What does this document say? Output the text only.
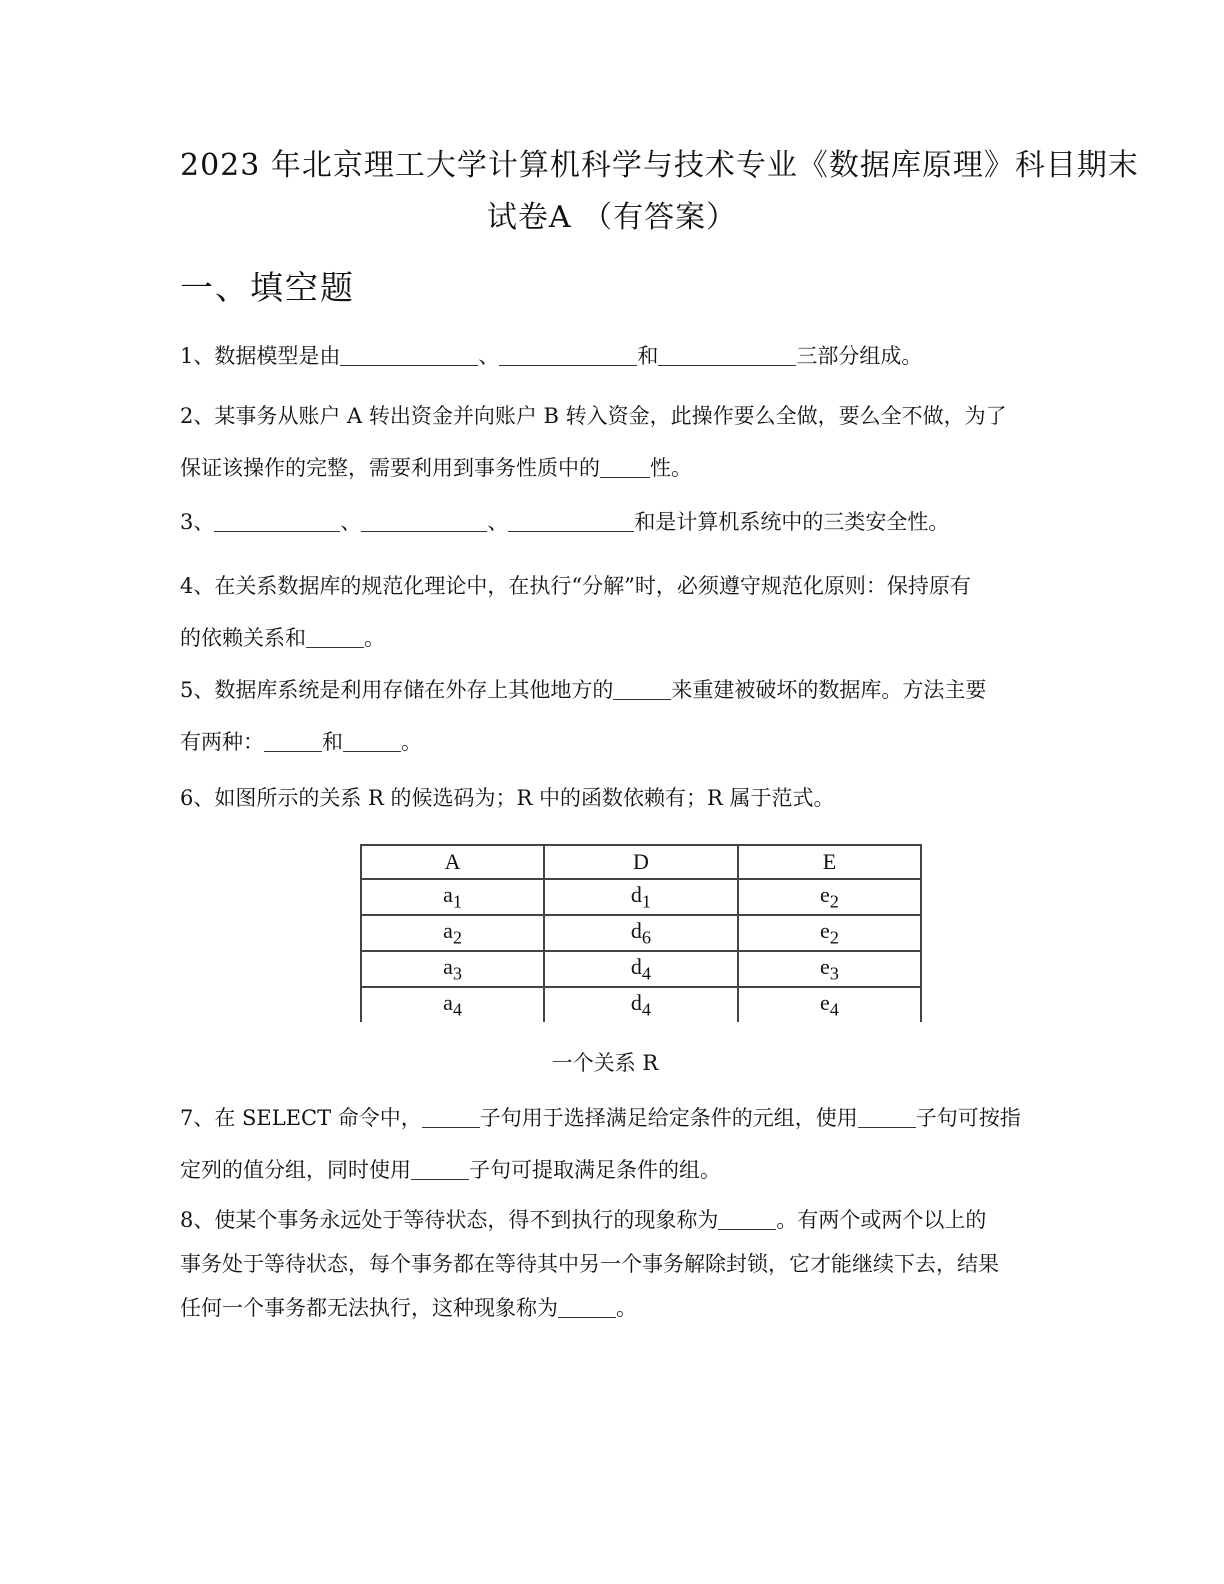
2023 年北京理工大学计算机科学与技术专业《数据库原理》科目期末
试卷A （有答案）
一、填空题
1、数据模型是由	、	和	三部分组成。
2、某事务从账户 A 转出资金并向账户 B 转入资金，此操作要么全做，要么全不做，为了
保证该操作的完整，需要利用到事务性质中的 性。
3、	、	、	和是计算机系统中的三类安全性。
4、在关系数据库的规范化理论中，在执行“分解”时，必须遵守规范化原则：保持原有
的依赖关系和	。
5、数据库系统是利用存储在外存上其他地方的	来重建被破坏的数据库。方法主要
有两种：	和	。
6、如图所示的关系 R 的候选码为；R 中的函数依赖有；R 属于范式。
A	D	E
$a_1$	$d_1$	$e_2$
$a_2$	$d_6$	$e_2$
$a_3$	$d_4$	$e_3$
$a_4$	$d_4$	$e_4$
一个关系 R
7、在 SELECT 命令中，	子句用于选择满足给定条件的元组，使用	子句可按指
定列的值分组，同时使用	子句可提取满足条件的组。
8、使某个事务永远处于等待状态，得不到执行的现象称为	。有两个或两个以上的
事务处于等待状态，每个事务都在等待其中另一个事务解除封锁，它才能继续下去，结果
任何一个事务都无法执行，这种现象称为	。
